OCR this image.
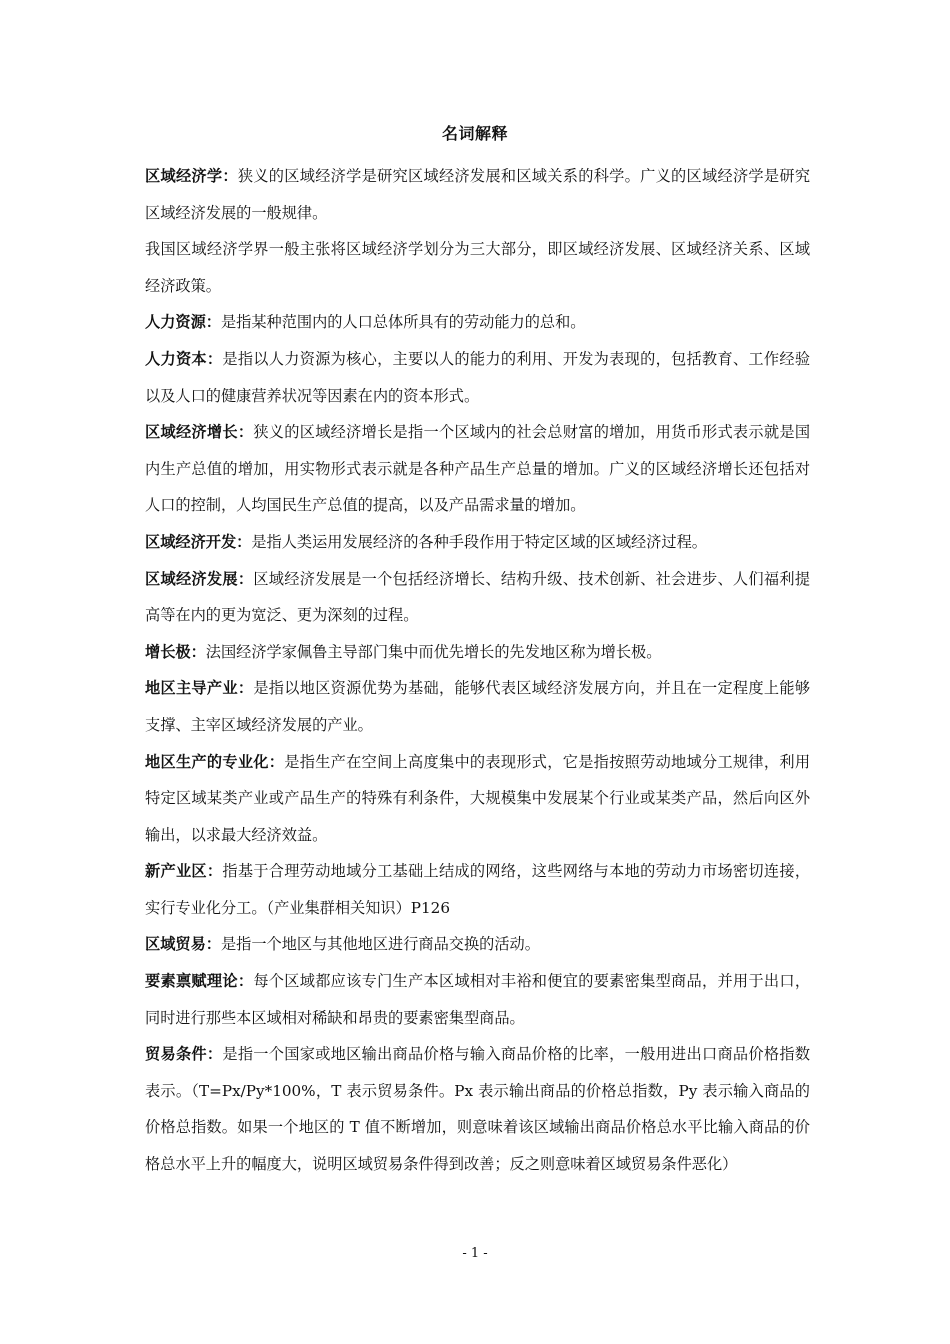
名词解释

区域经济学：狭义的区域经济学是研究区域经济发展和区域关系的科学。广义的区域经济学是研究区域经济发展的一般规律。

我国区域经济学界一般主张将区域经济学划分为三大部分，即区域经济发展、区域经济关系、区域经济政策。

人力资源：是指某种范围内的人口总体所具有的劳动能力的总和。

人力资本：是指以人力资源为核心，主要以人的能力的利用、开发为表现的，包括教育、工作经验以及人口的健康营养状况等因素在内的资本形式。

区域经济增长：狭义的区域经济增长是指一个区域内的社会总财富的增加，用货币形式表示就是国内生产总值的增加，用实物形式表示就是各种产品生产总量的增加。广义的区域经济增长还包括对人口的控制，人均国民生产总值的提高，以及产品需求量的增加。

区域经济开发：是指人类运用发展经济的各种手段作用于特定区域的区域经济过程。

区域经济发展：区域经济发展是一个包括经济增长、结构升级、技术创新、社会进步、人们福利提高等在内的更为宽泛、更为深刻的过程。

增长极：法国经济学家佩鲁主导部门集中而优先增长的先发地区称为增长极。

地区主导产业：是指以地区资源优势为基础，能够代表区域经济发展方向，并且在一定程度上能够支撑、主宰区域经济发展的产业。

地区生产的专业化：是指生产在空间上高度集中的表现形式，它是指按照劳动地域分工规律，利用特定区域某类产业或产品生产的特殊有利条件，大规模集中发展某个行业或某类产品，然后向区外输出，以求最大经济效益。

新产业区：指基于合理劳动地域分工基础上结成的网络，这些网络与本地的劳动力市场密切连接，实行专业化分工。（产业集群相关知识）P126

区域贸易：是指一个地区与其他地区进行商品交换的活动。

要素禀赋理论：每个区域都应该专门生产本区域相对丰裕和便宜的要素密集型商品，并用于出口，同时进行那些本区域相对稀缺和昂贵的要素密集型商品。

贸易条件：是指一个国家或地区输出商品价格与输入商品价格的比率，一般用进出口商品价格指数表示。（T=Px/Py*100%，T 表示贸易条件。Px 表示输出商品的价格总指数，Py 表示输入商品的价格总指数。如果一个地区的 T 值不断增加，则意味着该区域输出商品价格总水平比输入商品的价格总水平上升的幅度大，说明区域贸易条件得到改善；反之则意味着区域贸易条件恶化）

- 1 -
